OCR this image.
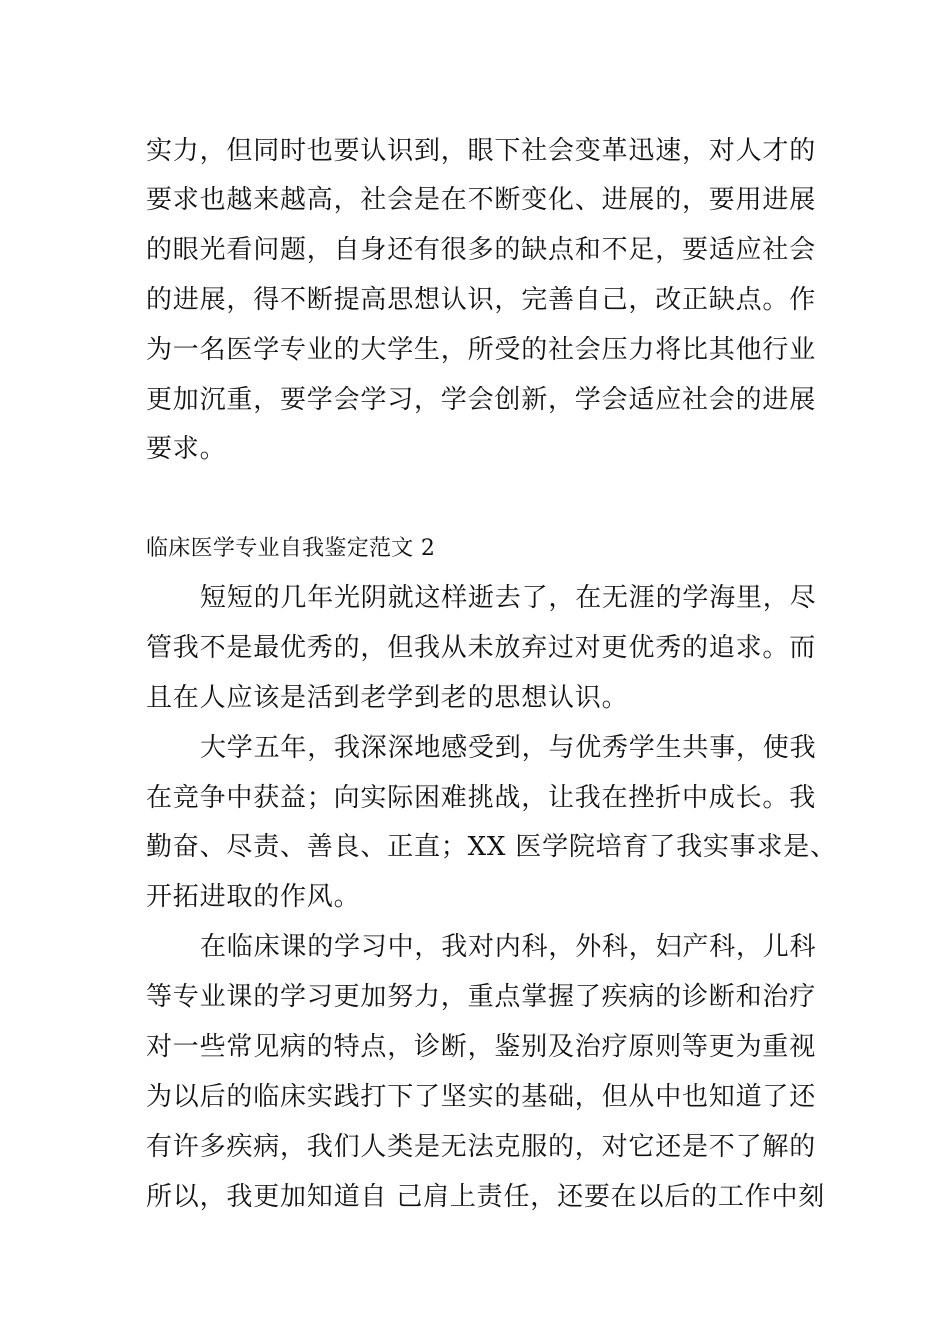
实力，但同时也要认识到，眼下社会变革迅速，对人才的
要求也越来越高，社会是在不断变化、进展的，要用进展
的眼光看问题，自身还有很多的缺点和不足，要适应社会
的进展，得不断提高思想认识，完善自己，改正缺点。作
为一名医学专业的大学生，所受的社会压力将比其他行业
更加沉重，要学会学习，学会创新，学会适应社会的进展
要求。
临床医学专业自我鉴定范文 2
短短的几年光阴就这样逝去了，在无涯的学海里，尽
管我不是最优秀的，但我从未放弃过对更优秀的追求。而
且在人应该是活到老学到老的思想认识。
大学五年，我深深地感受到，与优秀学生共事，使我
在竞争中获益；向实际困难挑战，让我在挫折中成长。我
勤奋、尽责、善良、正直；XX 医学院培育了我实事求是、
开拓进取的作风。
在临床课的学习中，我对内科，外科，妇产科，儿科
等专业课的学习更加努力，重点掌握了疾病的诊断和治疗
对一些常见病的特点，诊断，鉴别及治疗原则等更为重视
为以后的临床实践打下了坚实的基础，但从中也知道了还
有许多疾病，我们人类是无法克服的，对它还是不了解的
所以，我更加知道自 己肩上责任，还要在以后的工作中刻
